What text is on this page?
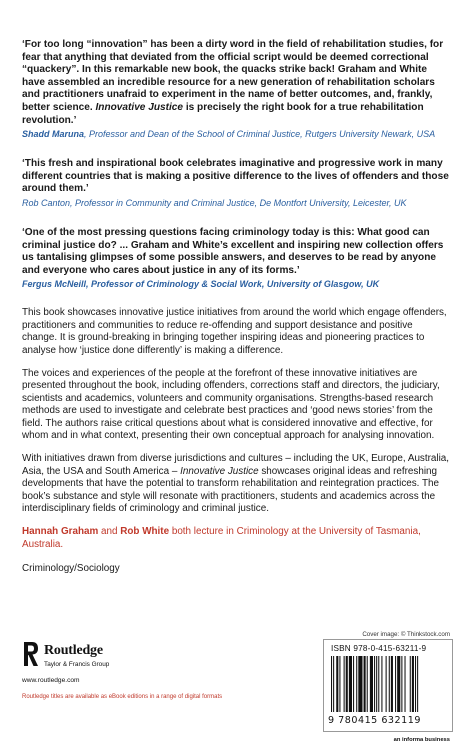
‘For too long “innovation” has been a dirty word in the field of rehabilitation studies, for fear that anything that deviated from the official script would be deemed correctional “quackery”. In this remarkable new book, the quacks strike back! Graham and White have assembled an incredible resource for a new generation of rehabilitation scholars and practitioners unafraid to experiment in the name of better outcomes, and, frankly, better science. Innovative Justice is precisely the right book for a true rehabilitation revolution.’

Shadd Maruna, Professor and Dean of the School of Criminal Justice, Rutgers University Newark, USA

‘This fresh and inspirational book celebrates imaginative and progressive work in many different countries that is making a positive difference to the lives of offenders and those around them.’

Rob Canton, Professor in Community and Criminal Justice, De Montfort University, Leicester, UK

‘One of the most pressing questions facing criminology today is this: What good can criminal justice do? ... Graham and White’s excellent and inspiring new collection offers us tantalising glimpses of some possible answers, and deserves to be read by anyone and everyone who cares about justice in any of its forms.’

Fergus McNeill, Professor of Criminology & Social Work, University of Glasgow, UK

This book showcases innovative justice initiatives from around the world which engage offenders, practitioners and communities to reduce re-offending and support desistance and positive change. It is ground-breaking in bringing together inspiring ideas and pioneering practices to analyse how ‘justice done differently’ is making a difference.

The voices and experiences of the people at the forefront of these innovative initiatives are presented throughout the book, including offenders, corrections staff and directors, the judiciary, scientists and academics, volunteers and community organisations. Strengths-based research methods are used to investigate and celebrate best practices and ‘good news stories’ from the field. The authors raise critical questions about what is considered innovative and effective, for whom and in what context, presenting their own conceptual approach for analysing innovation.

With initiatives drawn from diverse jurisdictions and cultures – including the UK, Europe, Australia, Asia, the USA and South America – Innovative Justice showcases original ideas and refreshing developments that have the potential to transform rehabilitation and reintegration practices. The book’s substance and style will resonate with practitioners, students and academics across the interdisciplinary fields of criminology and criminal justice.

Hannah Graham and Rob White both lecture in Criminology at the University of Tasmania, Australia.

Criminology/Sociology

Cover image: © Thinkstock.com
Routledge
Taylor & Francis Group
www.routledge.com
Routledge titles are available as eBook editions in a range of digital formats
ISBN 978-0-415-63211-9
9 780415 632119
an informa business
